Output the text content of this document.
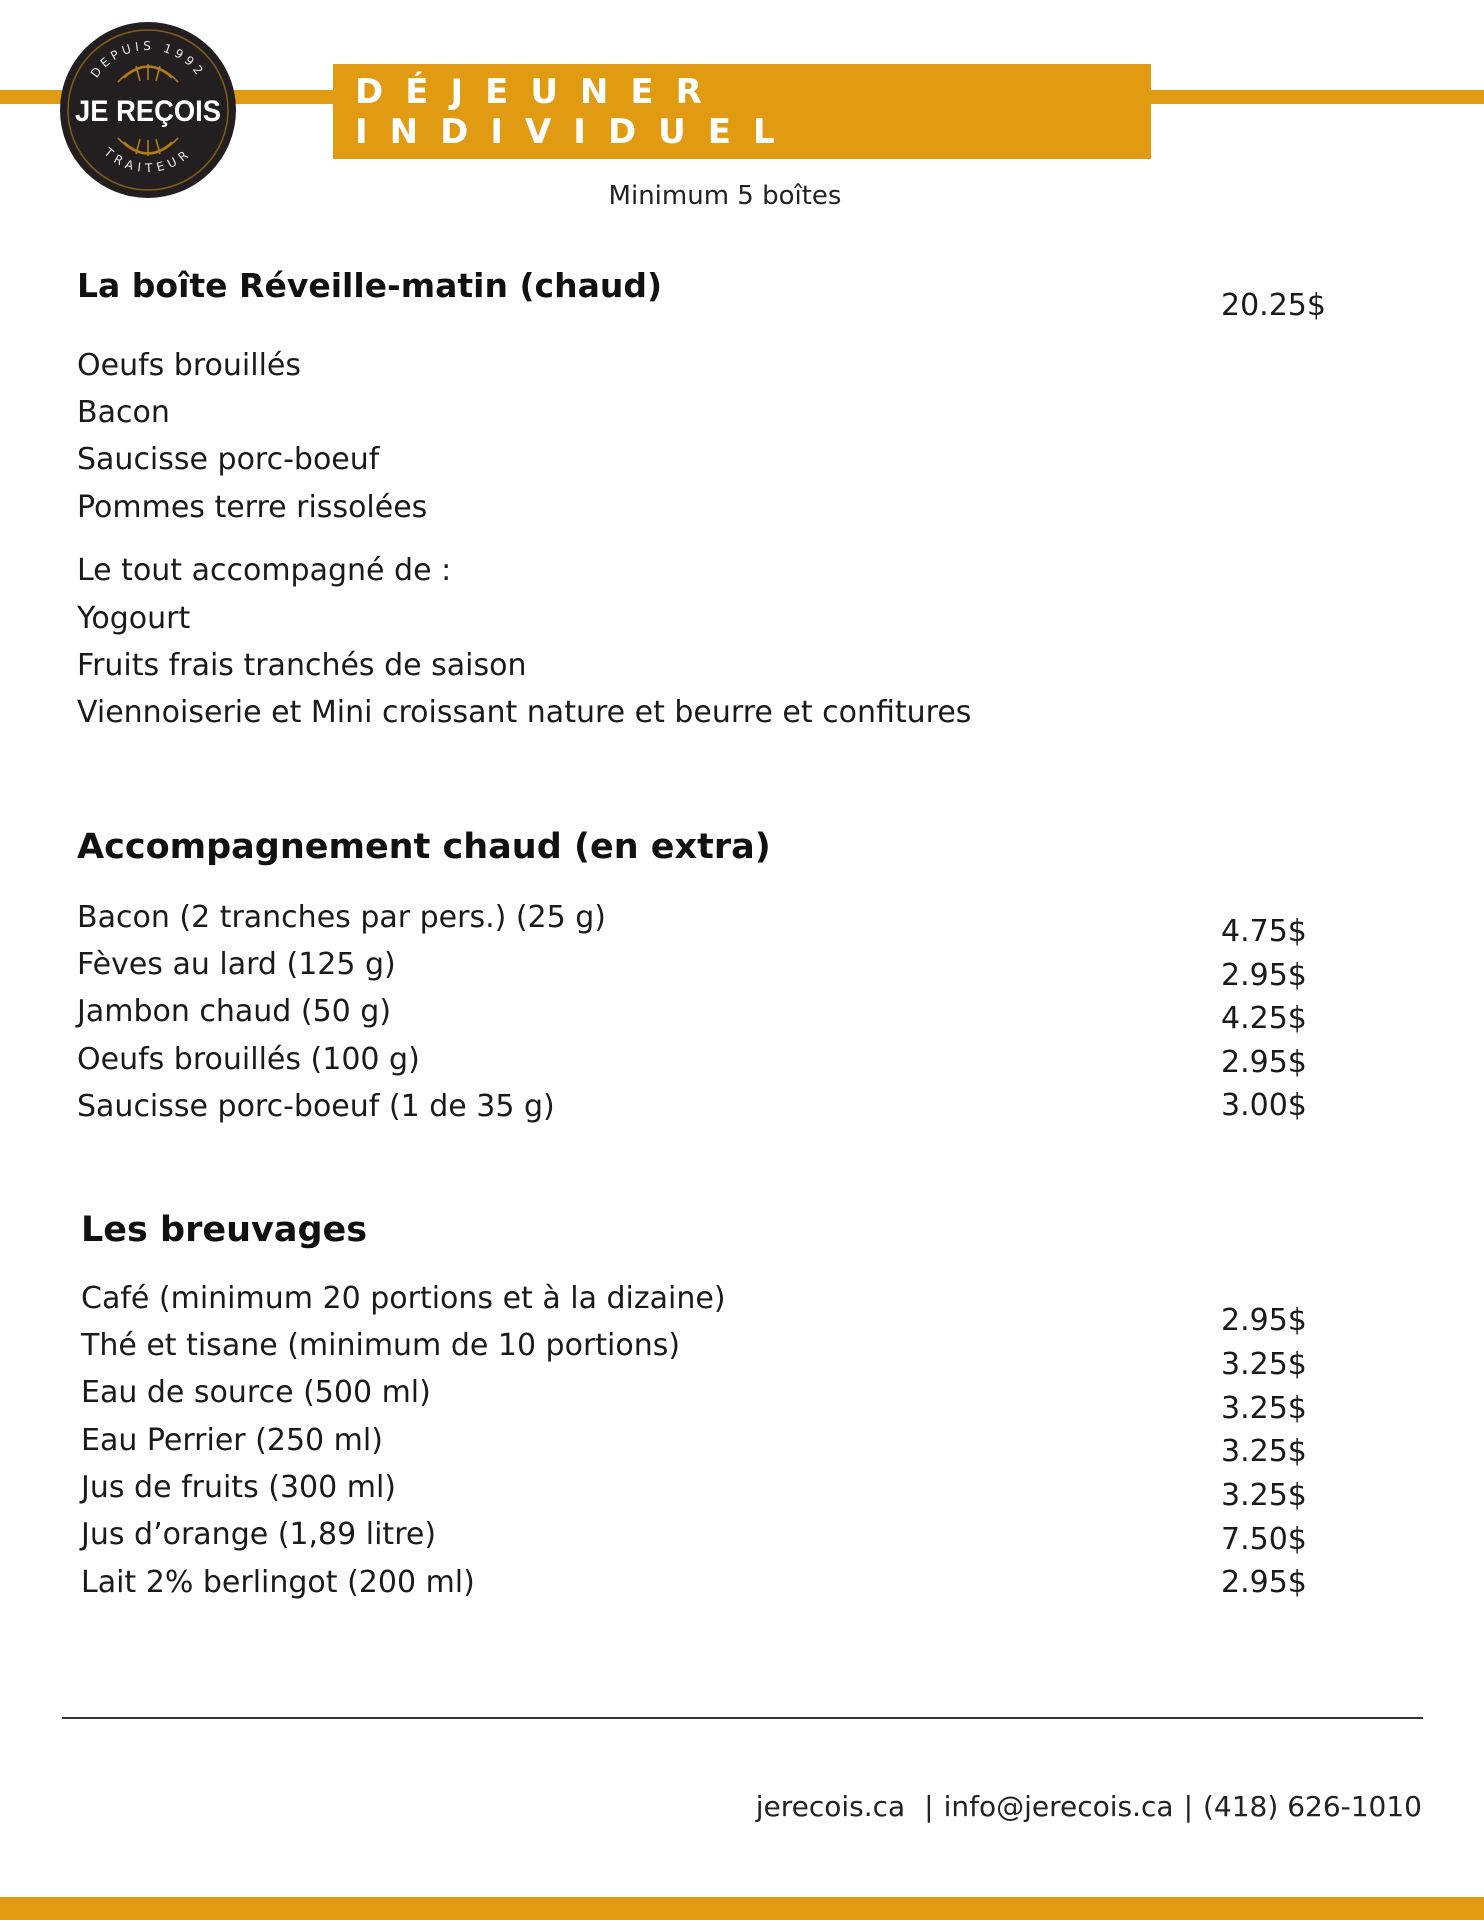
DEPUIS 1992
TRAITEUR
JE REÇOIS	DÉJEUNER INDIVIDUEL
Minimum 5 boîtes
La boîte Réveille-matin (chaud)
20.25$
Oeufs brouillés
Bacon
Saucisse porc-boeuf
Pommes terre rissolées
Le tout accompagné de :
Yogourt
Fruits frais tranchés de saison
Viennoiserie et Mini croissant nature et beurre et confitures
Accompagnement chaud (en extra)
Bacon (2 tranches par pers.) (25 g)
Fèves au lard (125 g)
Jambon chaud (50 g)
Oeufs brouillés (100 g)
Saucisse porc-boeuf (1 de 35 g)
4.75$
2.95$
4.25$
2.95$
3.00$
Les breuvages
Café (minimum 20 portions et à la dizaine)
Thé et tisane (minimum de 10 portions)
Eau de source (500 ml)
Eau Perrier (250 ml)
Jus de fruits (300 ml)
Jus d’orange (1,89 litre)
Lait 2% berlingot (200 ml)
2.95$
3.25$
3.25$
3.25$
3.25$
7.50$
2.95$
jerecois.ca | info@jerecois.ca | (418) 626-1010
